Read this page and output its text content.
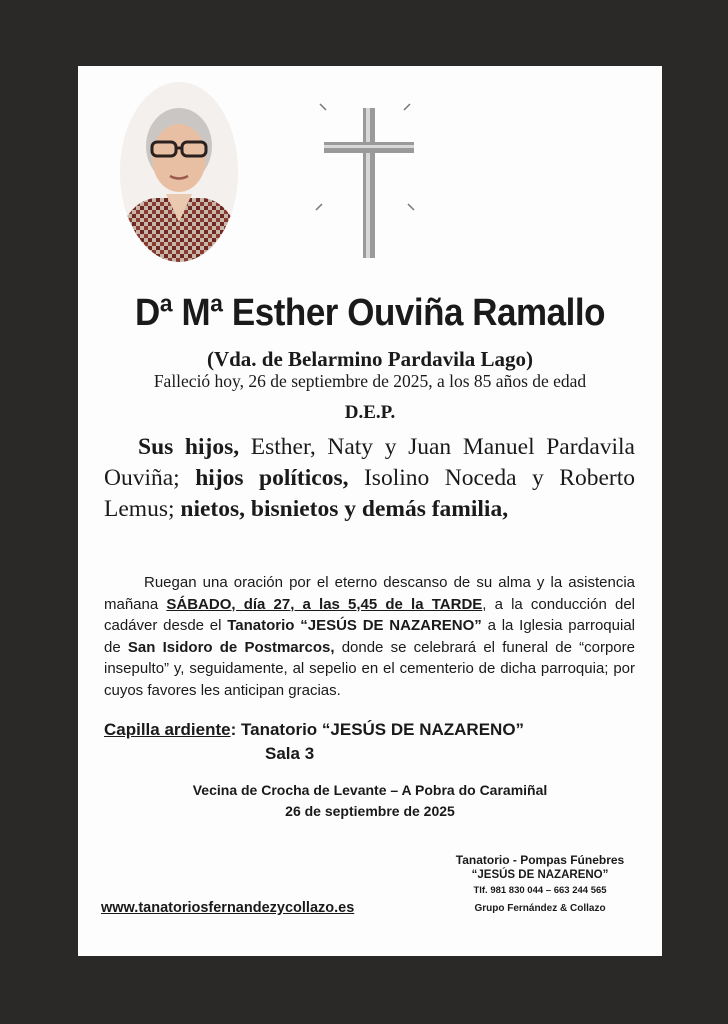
Dª Mª Esther Ouviña Ramallo
(Vda. de Belarmino Pardavila Lago)
Falleció hoy, 26 de septiembre de 2025, a los 85 años de edad
D.E.P.
Sus hijos, Esther, Naty y Juan Manuel Pardavila Ouviña; hijos políticos, Isolino Noceda y Roberto Lemus; nietos, bisnietos y demás familia,
Ruegan una oración por el eterno descanso de su alma y la asistencia mañana SÁBADO, día 27, a las 5,45 de la TARDE, a la conducción del cadáver desde el Tanatorio “JESÚS DE NAZARENO” a la Iglesia parroquial de San Isidoro de Postmarcos, donde se celebrará el funeral de “corpore insepulto” y, seguidamente, al sepelio en el cementerio de dicha parroquia; por cuyos favores les anticipan gracias.
Capilla ardiente: Tanatorio “JESÚS DE NAZARENO”
Sala 3
Vecina de Crocha de Levante – A Pobra do Caramiñal
26 de septiembre de 2025
Tanatorio - Pompas Fúnebres
“JESÚS DE NAZARENO”
Tlf. 981 830 044 – 663 244 565
Grupo Fernández & Collazo
www.tanatoriosfernandezycollazo.es
